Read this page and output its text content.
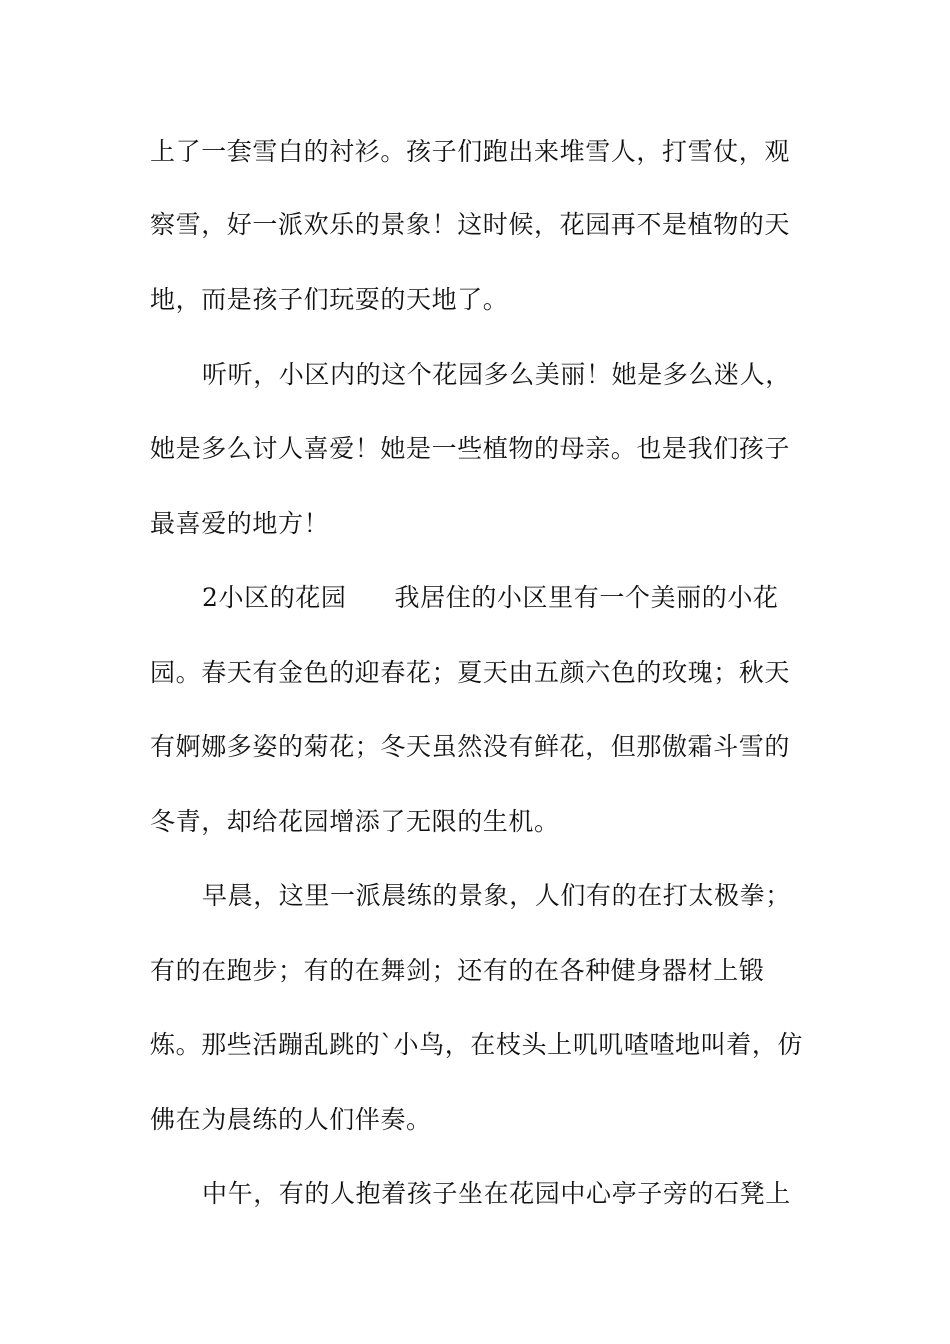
上了一套雪白的衬衫。孩子们跑出来堆雪人，打雪仗，观
察雪，好一派欢乐的景象！这时候，花园再不是植物的天
地，而是孩子们玩耍的天地了。
听听，小区内的这个花园多么美丽！她是多么迷人，
她是多么讨人喜爱！她是一些植物的母亲。也是我们孩子
最喜爱的地方！
2小区的花园 我居住的小区里有一个美丽的小花
园。春天有金色的迎春花；夏天由五颜六色的玫瑰；秋天
有婀娜多姿的菊花；冬天虽然没有鲜花，但那傲霜斗雪的
冬青，却给花园增添了无限的生机。
早晨，这里一派晨练的景象，人们有的在打太极拳；
有的在跑步；有的在舞剑；还有的在各种健身器材上锻
炼。那些活蹦乱跳的`小鸟，在枝头上叽叽喳喳地叫着，仿
佛在为晨练的人们伴奏。
中午，有的人抱着孩子坐在花园中心亭子旁的石凳上
